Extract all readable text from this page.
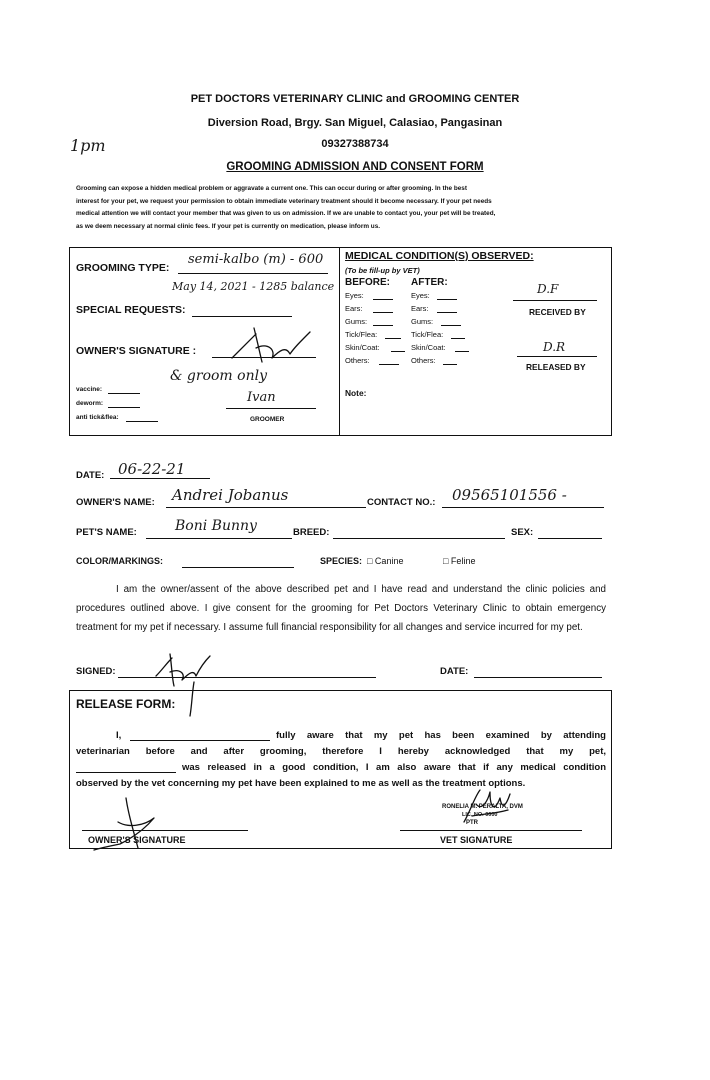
PET DOCTORS VETERINARY CLINIC and GROOMING CENTER
Diversion Road, Brgy. San Miguel, Calasiao, Pangasinan
09327388734
GROOMING ADMISSION AND CONSENT FORM
1pm
Grooming can expose a hidden medical problem or aggravate a current one. This can occur during or after grooming. In the best
interest for your pet, we request your permission to obtain immediate veterinary treatment should it become necessary. If your pet needs
medical attention we will contact your member that was given to us on admission. If we are unable to contact you, your pet will be treated,
as we deem necessary at normal clinic fees. If your pet is currently on medication, please inform us.
GROOMING TYPE:
semi-kalbo (m) - 600
May 14, 2021 - 1285 balance
SPECIAL REQUESTS:
OWNER'S SIGNATURE :
& groom only
vaccine:
deworm:
anti tick&flea:
Ivan
GROOMER
MEDICAL CONDITION(S) OBSERVED:
(To be fill-up by VET)
BEFORE: AFTER:
Eyes:	Eyes:
Ears:	Ears:
Gums:	Gums:
Tick/Flea:	Tick/Flea:
Skin/Coat:	Skin/Coat:
Others:	Others:
D.F
RECEIVED BY
D.R
RELEASED BY
Note:
DATE: 06-22-21
OWNER'S NAME: Andrei Jobanus	CONTACT NO.: 09565101556 -
PET'S NAME:	Boni Bunny	BREED:	SEX:
COLOR/MARKINGS:	SPECIES: □ Canine	□ Feline
I am the owner/assent of the above described pet and I have read and understand the clinic policies and procedures outlined above. I give consent for the grooming for Pet Doctors Veterinary Clinic to obtain emergency treatment for my pet if necessary. I assume full financial responsibility for all changes and service incurred for my pet.
SIGNED:	DATE:
RELEASE FORM:
I,	fully aware that my pet has been examined by attending
veterinarian before and after grooming, therefore I hereby acknowledged that my pet,
was released in a good condition, I am also aware that if any medical condition
observed by the vet concerning my pet have been explained to me as well as the treatment options.
RONELIA M. PERALTA, DVM
LIC. NO. 0000
PTR
VET SIGNATURE
OWNER'S SIGNATURE
